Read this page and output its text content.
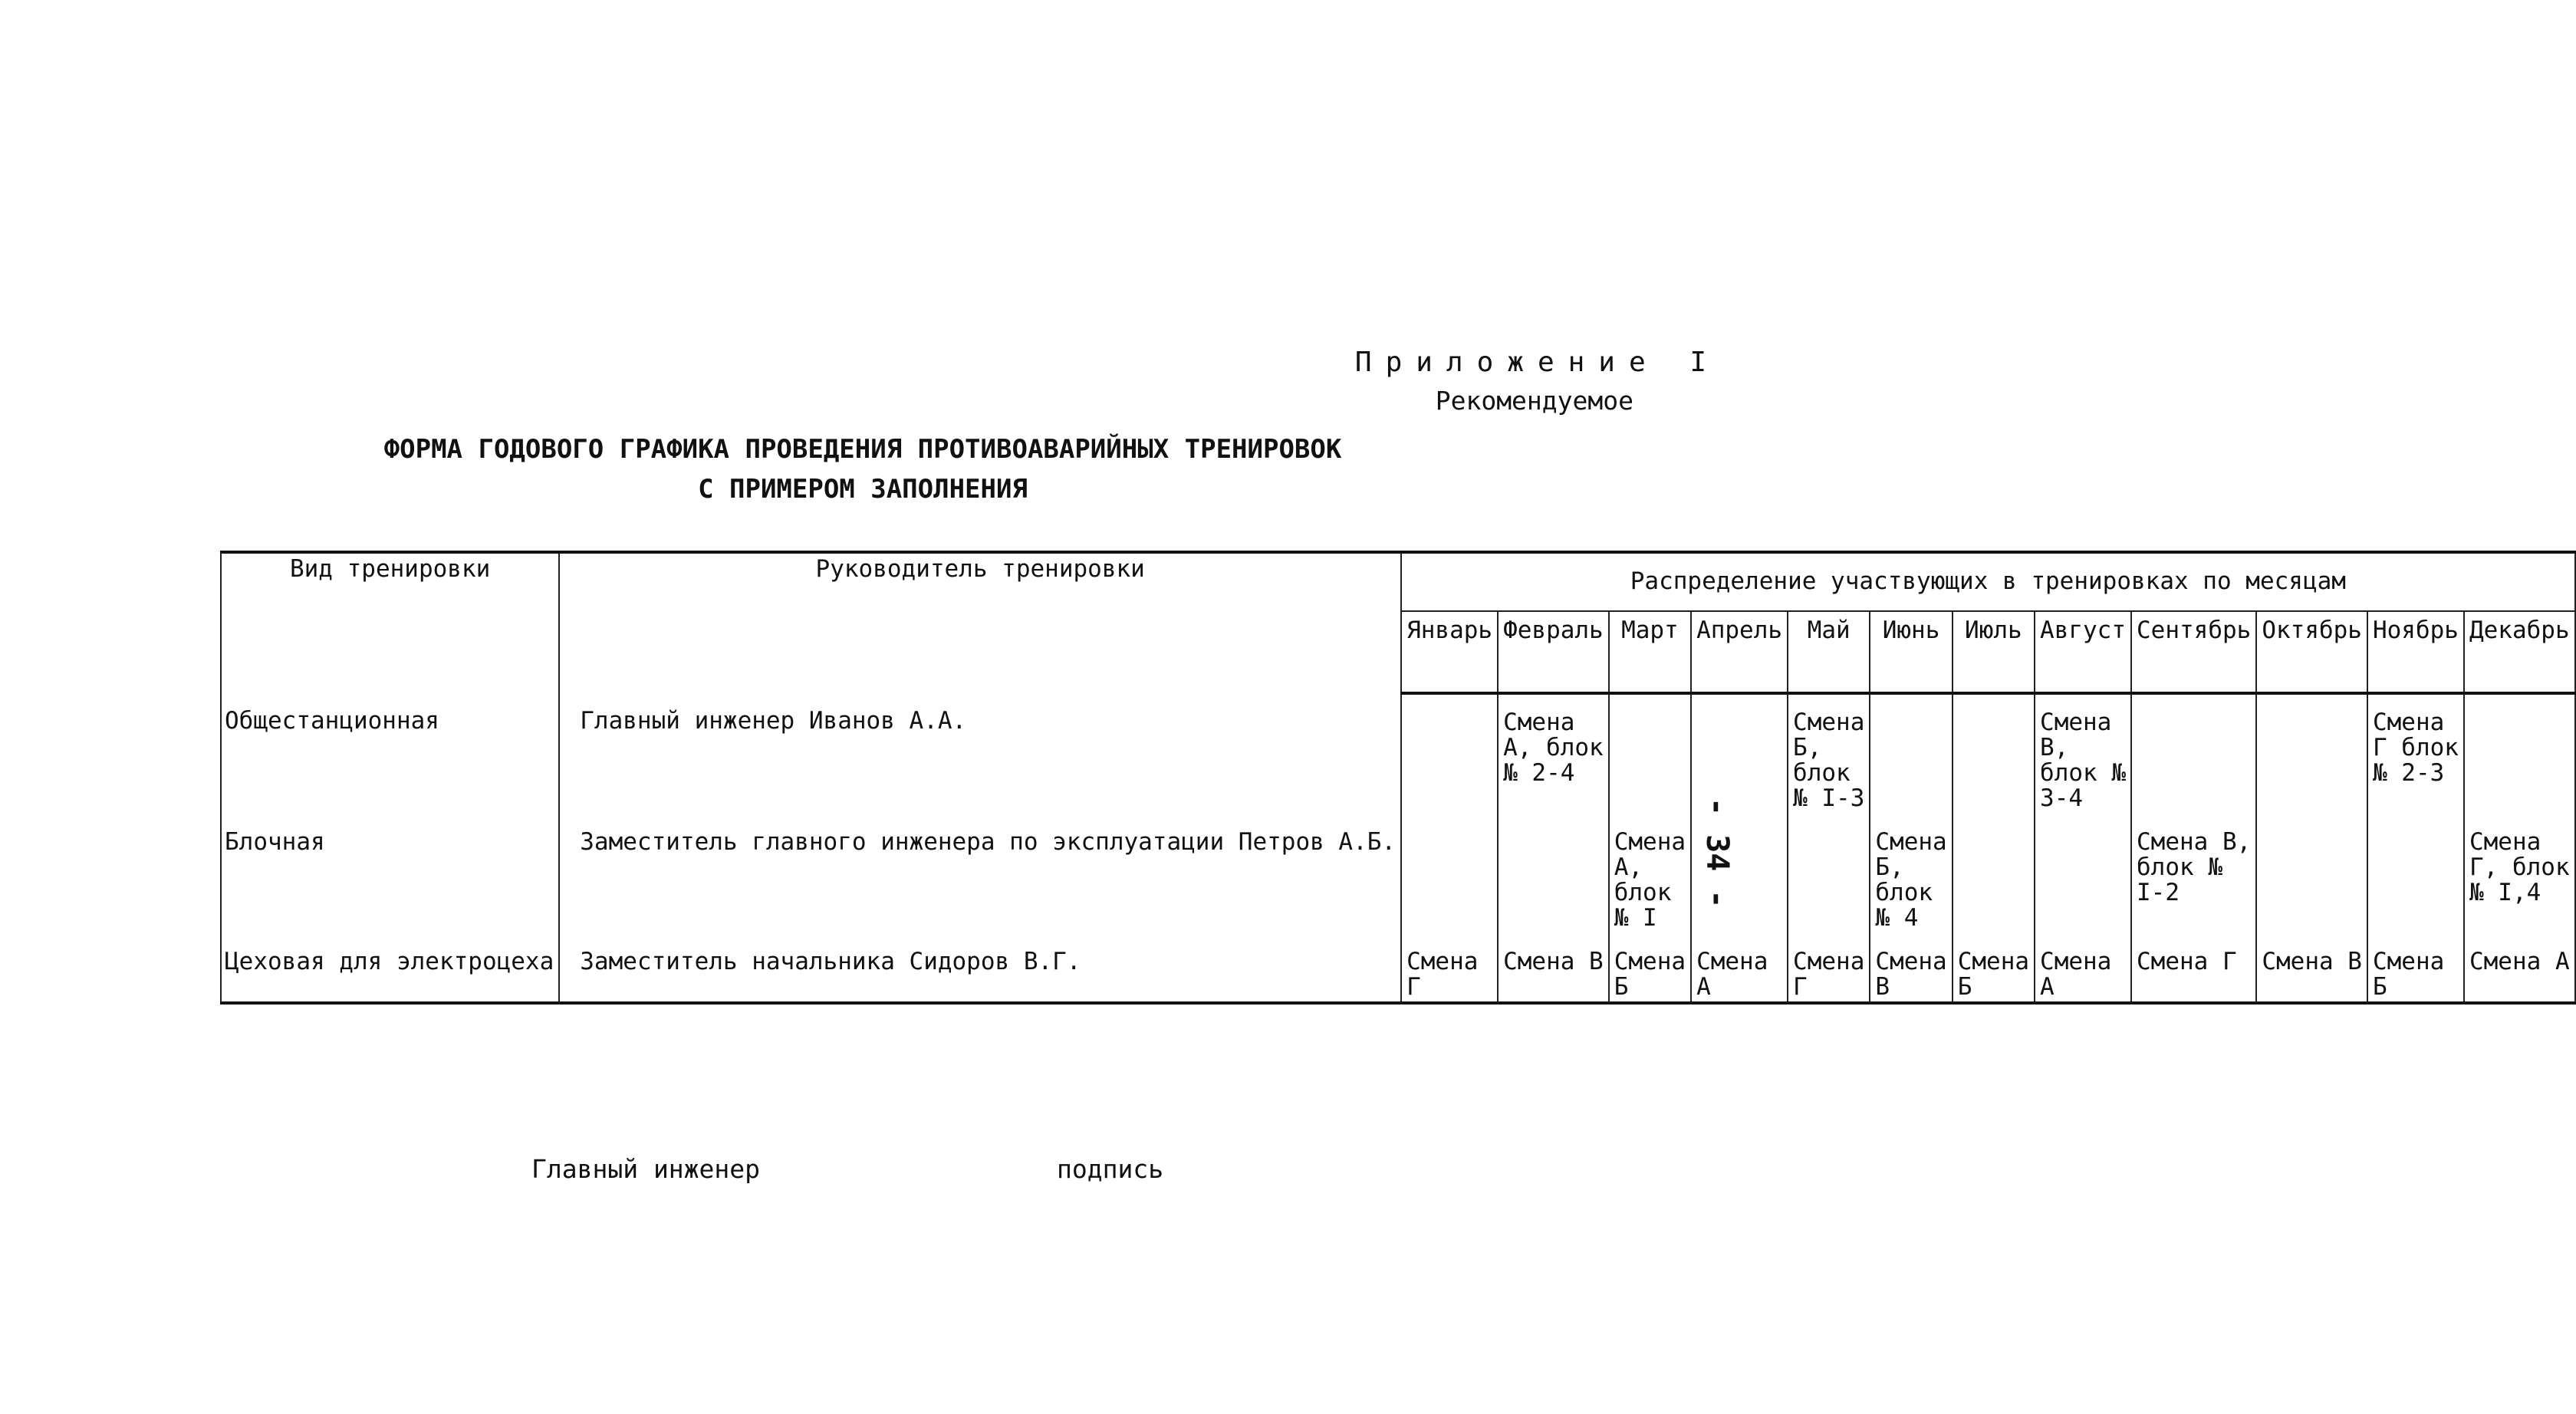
Приложение I
Рекомендуемое
ФОРМА ГОДОВОГО ГРАФИКА ПРОВЕДЕНИЯ ПРОТИВОАВАРИЙНЫХ ТРЕНИРОВОК
С ПРИМЕРОМ ЗАПОЛНЕНИЯ
- 34 -
Вид тренировки	Руководитель тренировки	Распределение участвующих в тренировках по месяцам											
		Январь	Февраль	Март	Апрель	Май	Июнь	Июль	Август	Сентябрь	Октябрь	Ноябрь	Декабрь
Общестанционная	Главный инженер Иванов А.А.		Смена А, блок № 2-4			Смена Б, блок № I-3			Смена В, блок № 3-4			Смена Г блок № 2-3	
Блочная	Заместитель главного инженера по эксплуатации Петров А.Б.			Смена А, блок № I			Смена Б, блок № 4			Смена В, блок № I-2			Смена Г, блок № I,4
Цеховая для электроцеха	Заместитель начальника Сидоров В.Г.	Смена Г	Смена В	Смена Б	Смена А	Смена Г	Смена В	Смена Б	Смена А	Смена Г	Смена В	Смена Б	Смена А
Главный инженер	подпись
